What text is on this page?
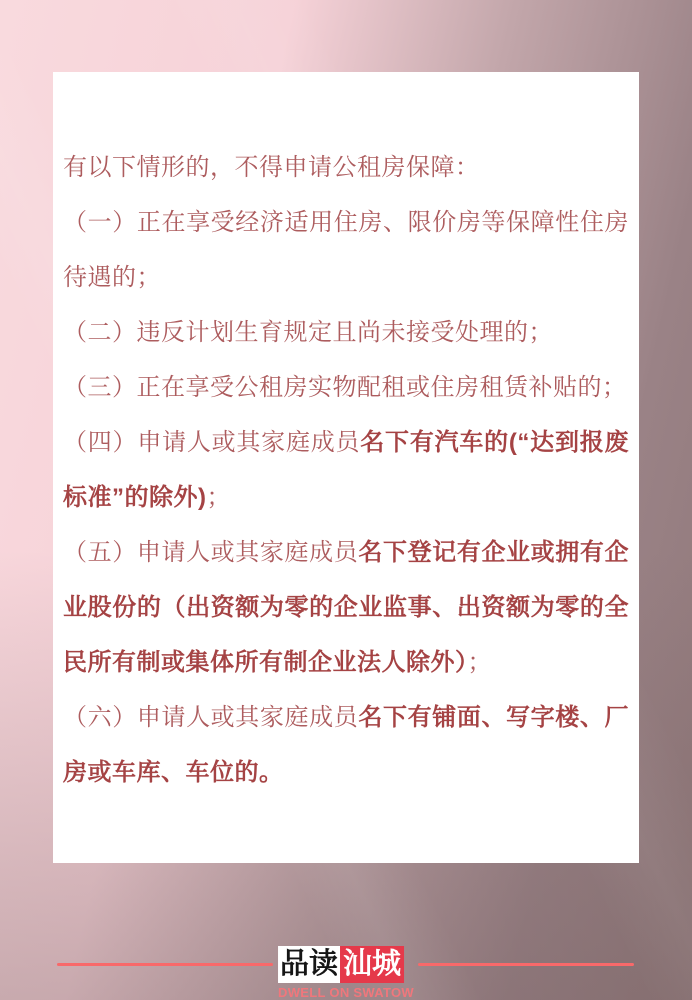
有以下情形的，不得申请公租房保障：

（一）正在享受经济适用住房、限价房等保障性住房待遇的；

（二）违反计划生育规定且尚未接受处理的；

（三）正在享受公租房实物配租或住房租赁补贴的；

（四）申请人或其家庭成员名下有汽车的(“达到报废标准”的除外)；

（五）申请人或其家庭成员名下登记有企业或拥有企业股份的（出资额为零的企业监事、出资额为零的全民所有制或集体所有制企业法人除外）；

（六）申请人或其家庭成员名下有铺面、写字楼、厂房或车库、车位的。

品读 汕城
DWELL ON SWATOW
